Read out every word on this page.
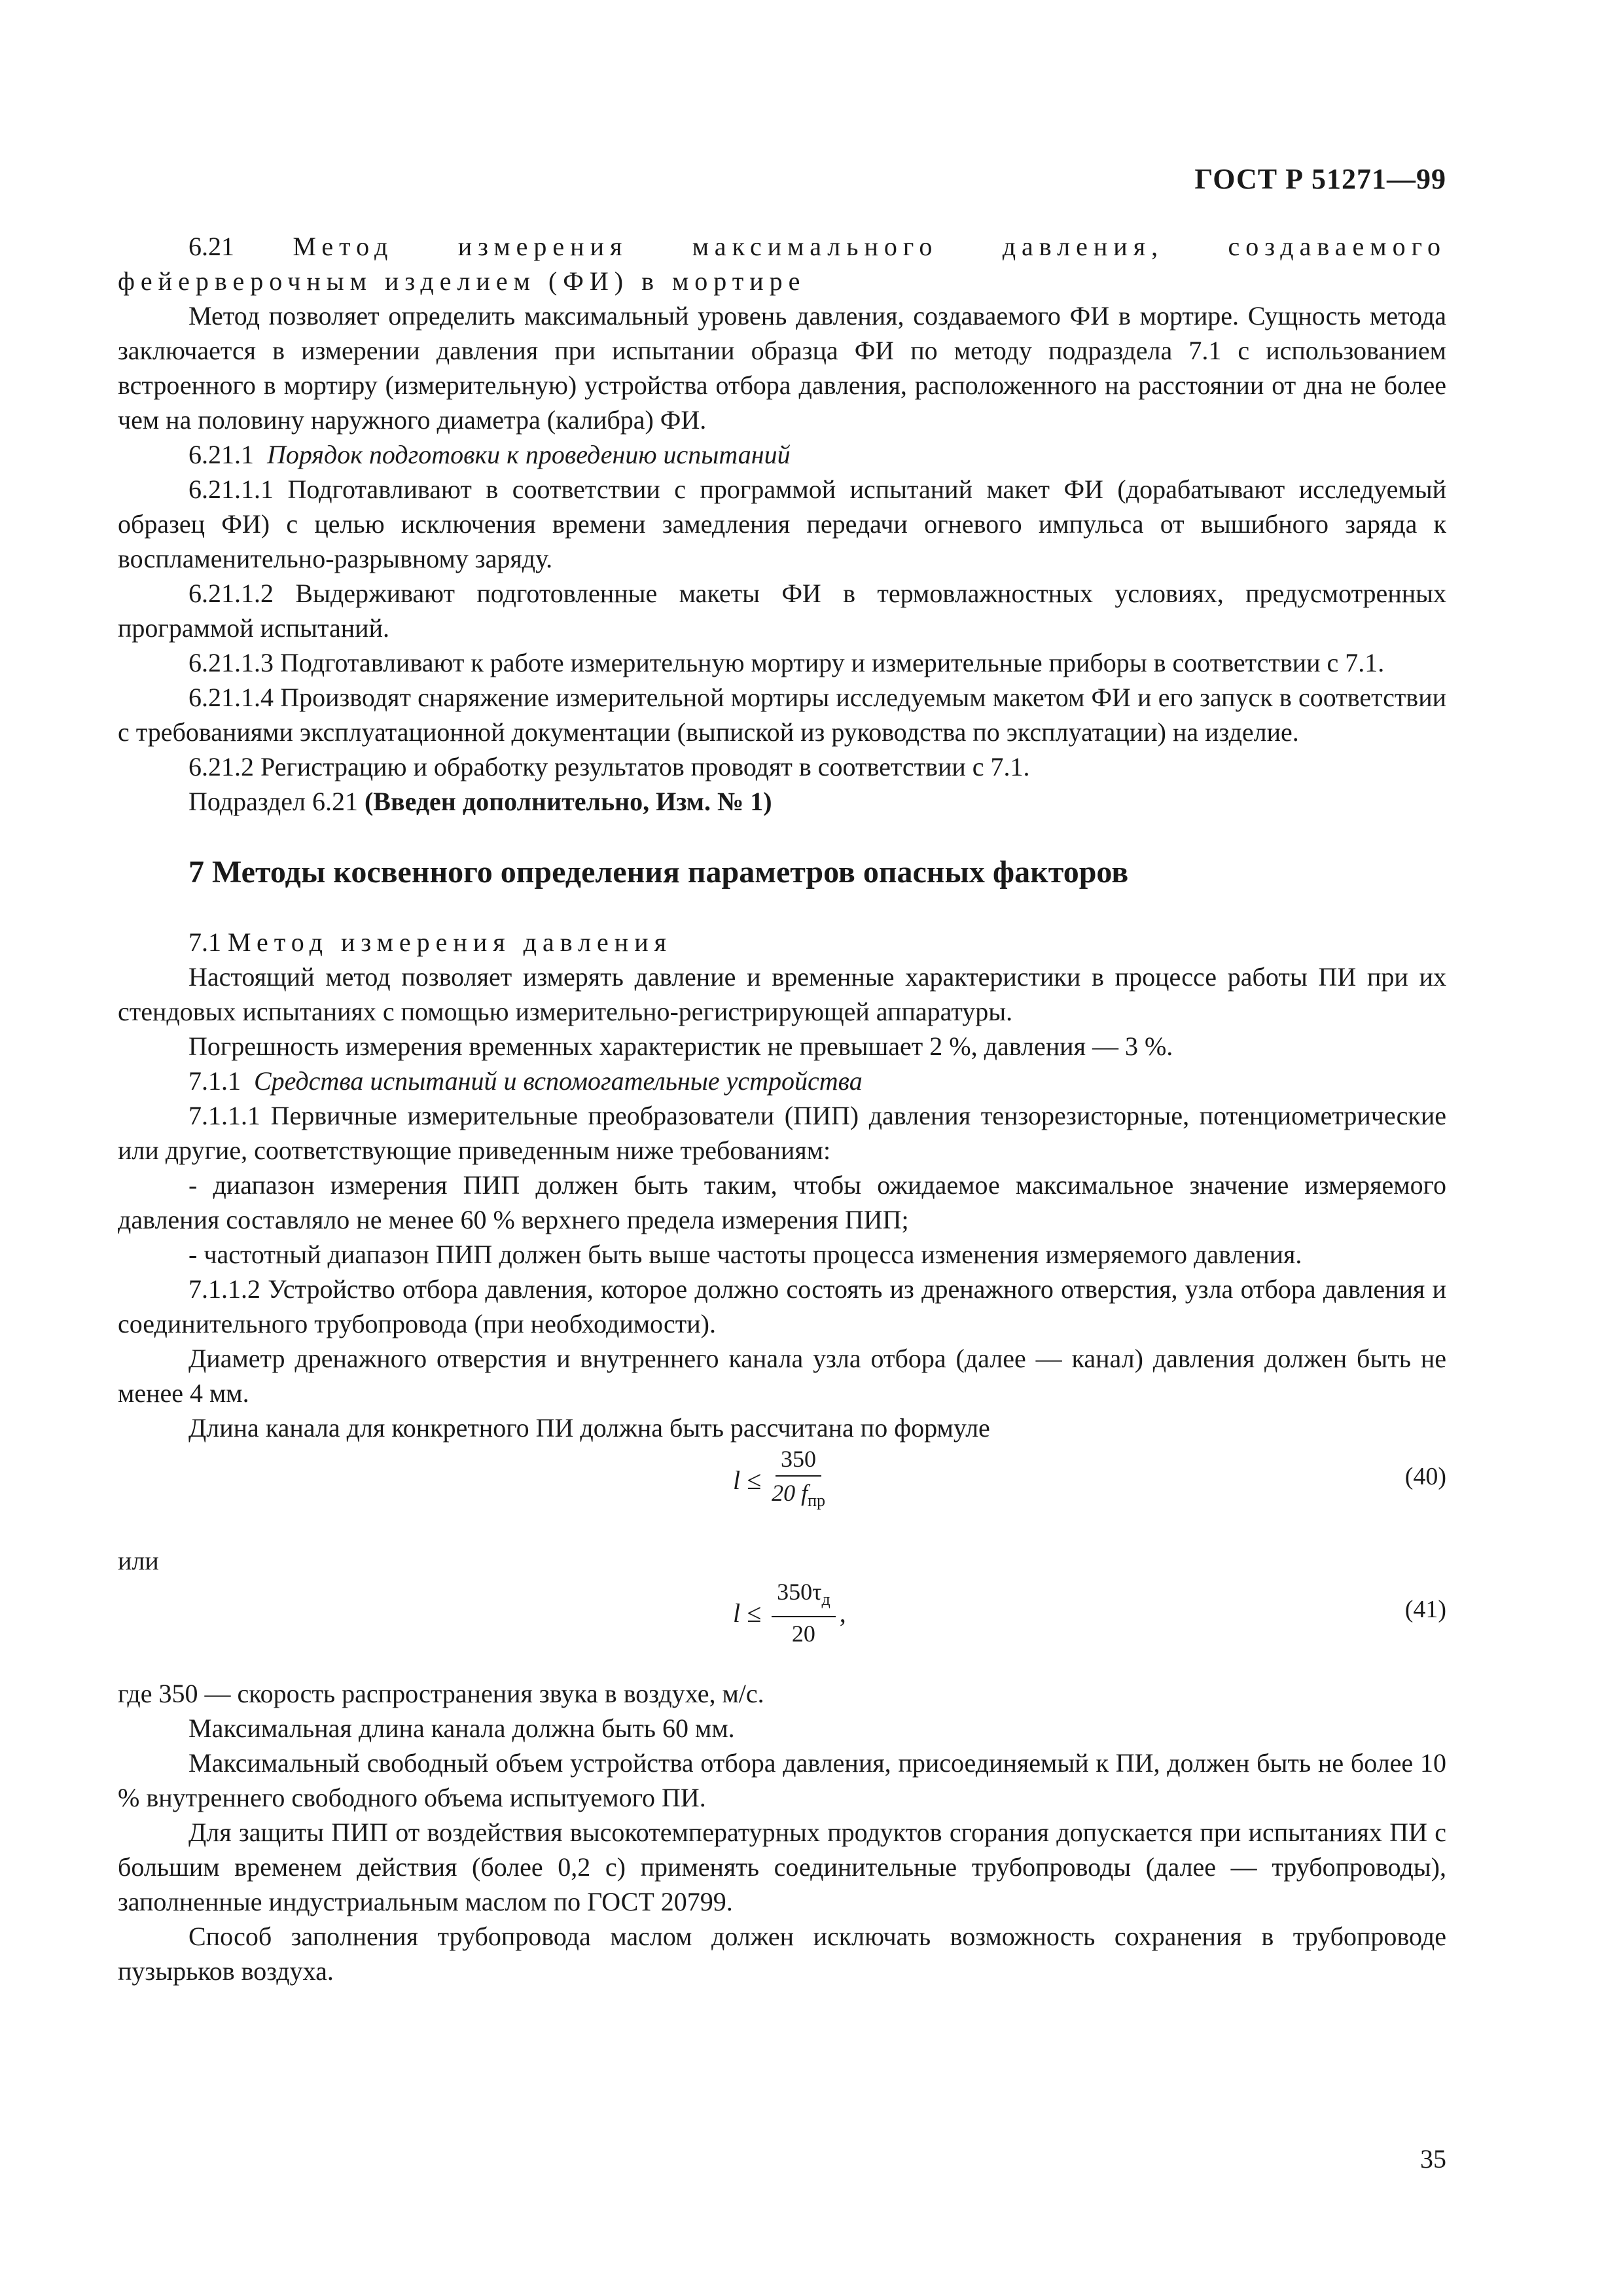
ГОСТ Р 51271—99

6.21 Метод измерения максимального давления, создаваемого фейерверочным изделием (ФИ) в мортире

Метод позволяет определить максимальный уровень давления, создаваемого ФИ в мортире. Сущность метода заключается в измерении давления при испытании образца ФИ по методу подраздела 7.1 с использованием встроенного в мортиру (измерительную) устройства отбора давления, расположенного на расстоянии от дна не более чем на половину наружного диаметра (калибра) ФИ.

6.21.1 Порядок подготовки к проведению испытаний

6.21.1.1 Подготавливают в соответствии с программой испытаний макет ФИ (дорабатывают исследуемый образец ФИ) с целью исключения времени замедления передачи огневого импульса от вышибного заряда к воспламенительно-разрывному заряду.

6.21.1.2 Выдерживают подготовленные макеты ФИ в термовлажностных условиях, предусмотренных программой испытаний.

6.21.1.3 Подготавливают к работе измерительную мортиру и измерительные приборы в соответствии с 7.1.

6.21.1.4 Производят снаряжение измерительной мортиры исследуемым макетом ФИ и его запуск в соответствии с требованиями эксплуатационной документации (выпиской из руководства по эксплуатации) на изделие.

6.21.2 Регистрацию и обработку результатов проводят в соответствии с 7.1.

Подраздел 6.21 (Введен дополнительно, Изм. № 1)

7 Методы косвенного определения параметров опасных факторов

7.1 Метод измерения давления

Настоящий метод позволяет измерять давление и временные характеристики в процессе работы ПИ при их стендовых испытаниях с помощью измерительно-регистрирующей аппаратуры.

Погрешность измерения временных характеристик не превышает 2 %, давления — 3 %.

7.1.1 Средства испытаний и вспомогательные устройства

7.1.1.1 Первичные измерительные преобразователи (ПИП) давления тензорезисторные, потенциометрические или другие, соответствующие приведенным ниже требованиям:

- диапазон измерения ПИП должен быть таким, чтобы ожидаемое максимальное значение измеряемого давления составляло не менее 60 % верхнего предела измерения ПИП;

- частотный диапазон ПИП должен быть выше частоты процесса изменения измеряемого давления.

7.1.1.2 Устройство отбора давления, которое должно состоять из дренажного отверстия, узла отбора давления и соединительного трубопровода (при необходимости).

Диаметр дренажного отверстия и внутреннего канала узла отбора (далее — канал) давления должен быть не менее 4 мм.

Длина канала для конкретного ПИ должна быть рассчитана по формуле

$l \le \frac{350}{20 f_{пр}}$	(40)

или

$l \le \frac{350\tau_д}{20}$ ,	(41)

где 350 — скорость распространения звука в воздухе, м/с.

Максимальная длина канала должна быть 60 мм.

Максимальный свободный объем устройства отбора давления, присоединяемый к ПИ, должен быть не более 10 % внутреннего свободного объема испытуемого ПИ.

Для защиты ПИП от воздействия высокотемпературных продуктов сгорания допускается при испытаниях ПИ с большим временем действия (более 0,2 с) применять соединительные трубопроводы (далее — трубопроводы), заполненные индустриальным маслом по ГОСТ 20799.

Способ заполнения трубопровода маслом должен исключать возможность сохранения в трубопроводе пузырьков воздуха.

35
